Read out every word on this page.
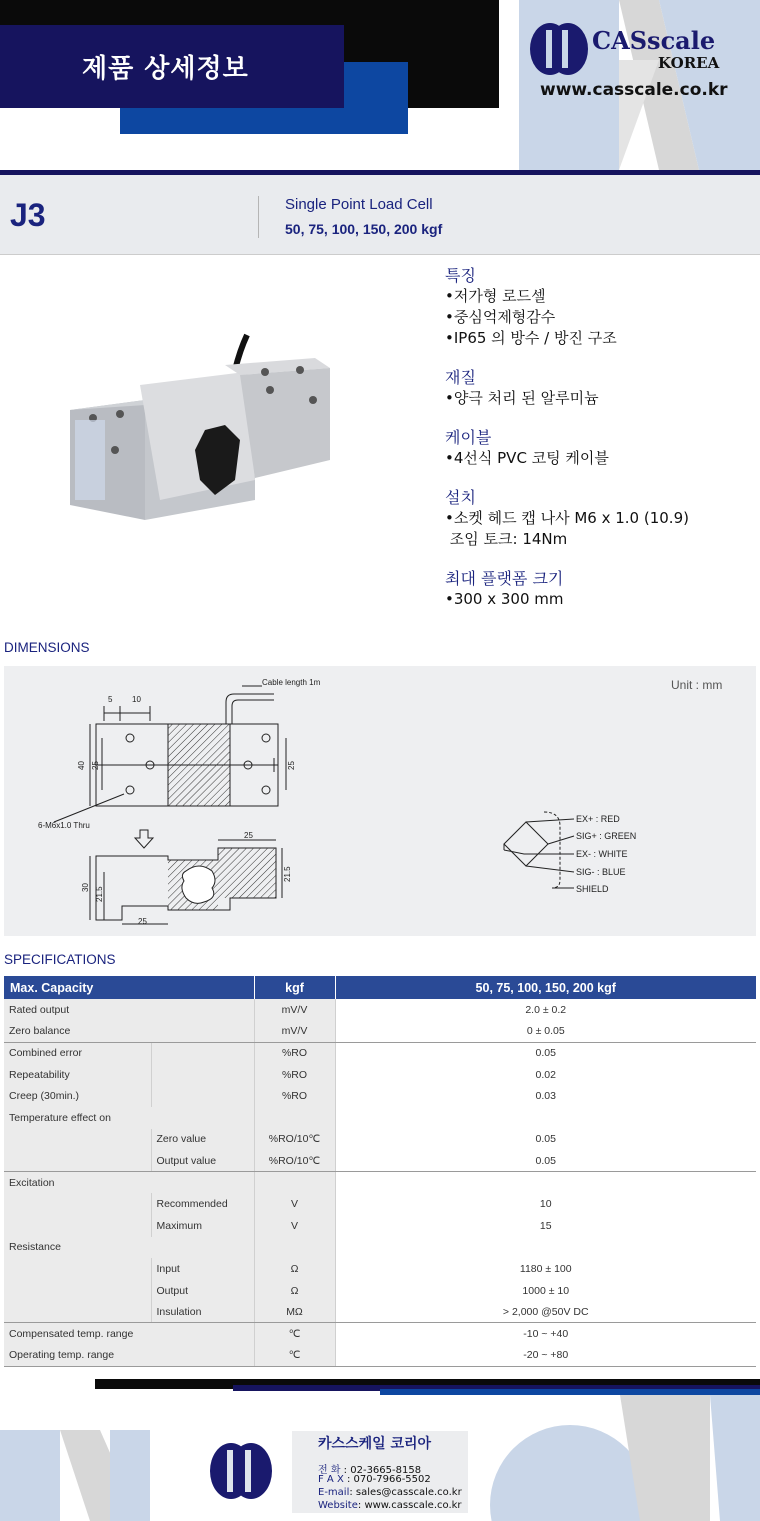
제품 상세정보
CASscale
KOREA
www.casscale.co.kr
J3	Single Point Load Cell
50, 75, 100, 150, 200 kgf
특징

•저가형 로드셀

•중심억제형감수

•IP65 의 방수 / 방진 구조

재질

•양극 처리 된 알루미늄

케이블

•4선식 PVC 코팅 케이블

설치

•소켓 헤드 캡 나사 M6 x 1.0 (10.9)

조임 토크: 14Nm

최대 플랫폼 크기

•300 x 300 mm

DIMENSIONS
Unit : mm
Cable length 1m
5 10
40 25	25
6-M6x1.0 Thru
25
21.5
30 21.5
25
EX+ : RED
SIG+ : GREEN
EX- : WHITE
SIG- : BLUE
SHIELD
SPECIFICATIONS
Max. Capacity		kgf	50, 75, 100, 150, 200 kgf
Rated output		mV/V	2.0 ± 0.2
Zero balance		mV/V	0 ± 0.05
Combined error		%RO	0.05
Repeatability		%RO	0.02
Creep (30min.)		%RO	0.03
Temperature effect on			
	Zero value	%RO/10℃	0.05
	Output value	%RO/10℃	0.05
Excitation			
	Recommended	V	10
	Maximum	V	15
Resistance			
	Input	Ω	1180 ± 100
	Output	Ω	1000 ± 10
	Insulation	MΩ	> 2,000 @50V DC
Compensated temp. range		℃	-10 ~ +40
Operating temp. range		℃	-20 ~ +80
카스스케일 코리아
전 화 : 02-3665-8158
F A X : 070-7966-5502
E-mail: sales@casscale.co.kr
Website: www.casscale.co.kr
